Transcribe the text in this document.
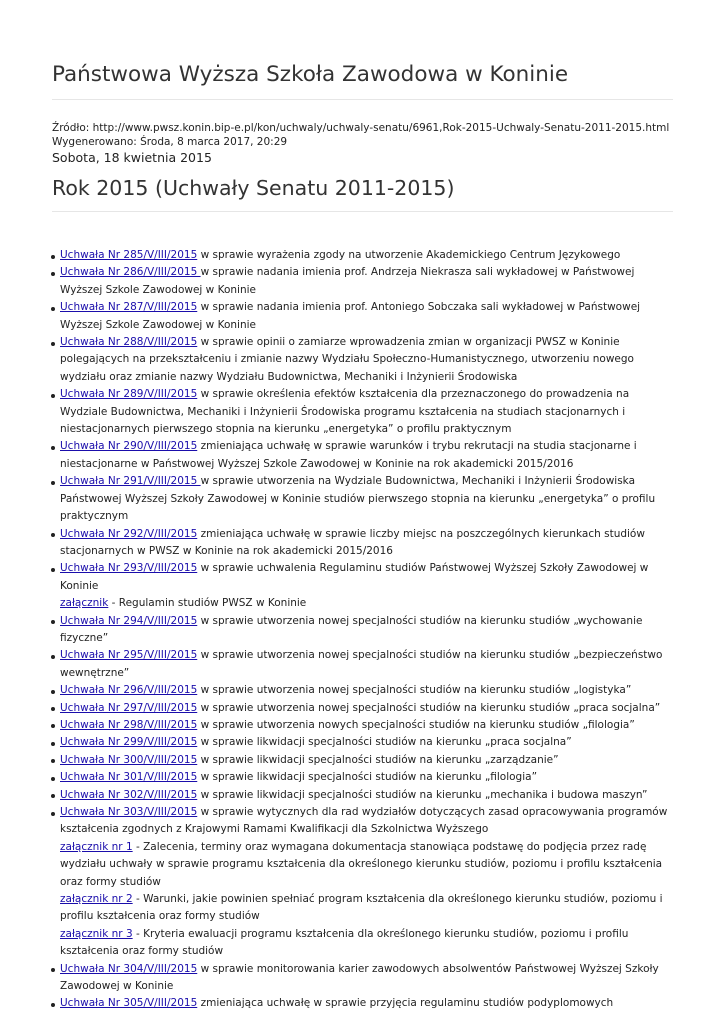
Państwowa Wyższa Szkoła Zawodowa w Koninie
Źródło: http://www.pwsz.konin.bip-e.pl/kon/uchwaly/uchwaly-senatu/6961,Rok-2015-Uchwaly-Senatu-2011-2015.html
Wygenerowano: Środa, 8 marca 2017, 20:29
Sobota, 18 kwietnia 2015
Rok 2015 (Uchwały Senatu 2011-2015)
Uchwała Nr 285/V/III/2015 w sprawie wyrażenia zgody na utworzenie Akademickiego Centrum Językowego
Uchwała Nr 286/V/III/2015 w sprawie nadania imienia prof. Andrzeja Niekrasza sali wykładowej w Państwowej Wyższej Szkole Zawodowej w Koninie
Uchwała Nr 287/V/III/2015 w sprawie nadania imienia prof. Antoniego Sobczaka sali wykładowej w Państwowej Wyższej Szkole Zawodowej w Koninie
Uchwała Nr 288/V/III/2015 w sprawie opinii o zamiarze wprowadzenia zmian w organizacji PWSZ w Koninie polegających na przekształceniu i zmianie nazwy Wydziału Społeczno-Humanistycznego, utworzeniu nowego wydziału oraz zmianie nazwy Wydziału Budownictwa, Mechaniki i Inżynierii Środowiska
Uchwała Nr 289/V/III/2015 w sprawie określenia efektów kształcenia dla przeznaczonego do prowadzenia na Wydziale Budownictwa, Mechaniki i Inżynierii Środowiska programu kształcenia na studiach stacjonarnych i niestacjonarnych pierwszego stopnia na kierunku „energetyka” o profilu praktycznym
Uchwała Nr 290/V/III/2015 zmieniająca uchwałę w sprawie warunków i trybu rekrutacji na studia stacjonarne i niestacjonarne w Państwowej Wyższej Szkole Zawodowej w Koninie na rok akademicki 2015/2016
Uchwała Nr 291/V/III/2015 w sprawie utworzenia na Wydziale Budownictwa, Mechaniki i Inżynierii Środowiska Państwowej Wyższej Szkoły Zawodowej w Koninie studiów pierwszego stopnia na kierunku „energetyka” o profilu praktycznym
Uchwała Nr 292/V/III/2015 zmieniająca uchwałę w sprawie liczby miejsc na poszczególnych kierunkach studiów stacjonarnych w PWSZ w Koninie na rok akademicki 2015/2016
Uchwała Nr 293/V/III/2015 w sprawie uchwalenia Regulaminu studiów Państwowej Wyższej Szkoły Zawodowej w Koninie
załącznik - Regulamin studiów PWSZ w Koninie
Uchwała Nr 294/V/III/2015 w sprawie utworzenia nowej specjalności studiów na kierunku studiów „wychowanie fizyczne”
Uchwała Nr 295/V/III/2015 w sprawie utworzenia nowej specjalności studiów na kierunku studiów „bezpieczeństwo wewnętrzne”
Uchwała Nr 296/V/III/2015 w sprawie utworzenia nowej specjalności studiów na kierunku studiów „logistyka”
Uchwała Nr 297/V/III/2015 w sprawie utworzenia nowej specjalności studiów na kierunku studiów „praca socjalna”
Uchwała Nr 298/V/III/2015 w sprawie utworzenia nowych specjalności studiów na kierunku studiów „filologia”
Uchwała Nr 299/V/III/2015 w sprawie likwidacji specjalności studiów na kierunku „praca socjalna”
Uchwała Nr 300/V/III/2015 w sprawie likwidacji specjalności studiów na kierunku „zarządzanie”
Uchwała Nr 301/V/III/2015 w sprawie likwidacji specjalności studiów na kierunku „filologia”
Uchwała Nr 302/V/III/2015 w sprawie likwidacji specjalności studiów na kierunku „mechanika i budowa maszyn”
Uchwała Nr 303/V/III/2015 w sprawie wytycznych dla rad wydziałów dotyczących zasad opracowywania programów kształcenia zgodnych z Krajowymi Ramami Kwalifikacji dla Szkolnictwa Wyższego
załącznik nr 1 - Zalecenia, terminy oraz wymagana dokumentacja stanowiąca podstawę do podjęcia przez radę wydziału uchwały w sprawie programu kształcenia dla określonego kierunku studiów, poziomu i profilu kształcenia oraz formy studiów
załącznik nr 2 - Warunki, jakie powinien spełniać program kształcenia dla określonego kierunku studiów, poziomu i profilu kształcenia oraz formy studiów
załącznik nr 3 - Kryteria ewaluacji programu kształcenia dla określonego kierunku studiów, poziomu i profilu kształcenia oraz formy studiów
Uchwała Nr 304/V/III/2015 w sprawie monitorowania karier zawodowych absolwentów Państwowej Wyższej Szkoły Zawodowej w Koninie
Uchwała Nr 305/V/III/2015 zmieniająca uchwałę w sprawie przyjęcia regulaminu studiów podyplomowych
